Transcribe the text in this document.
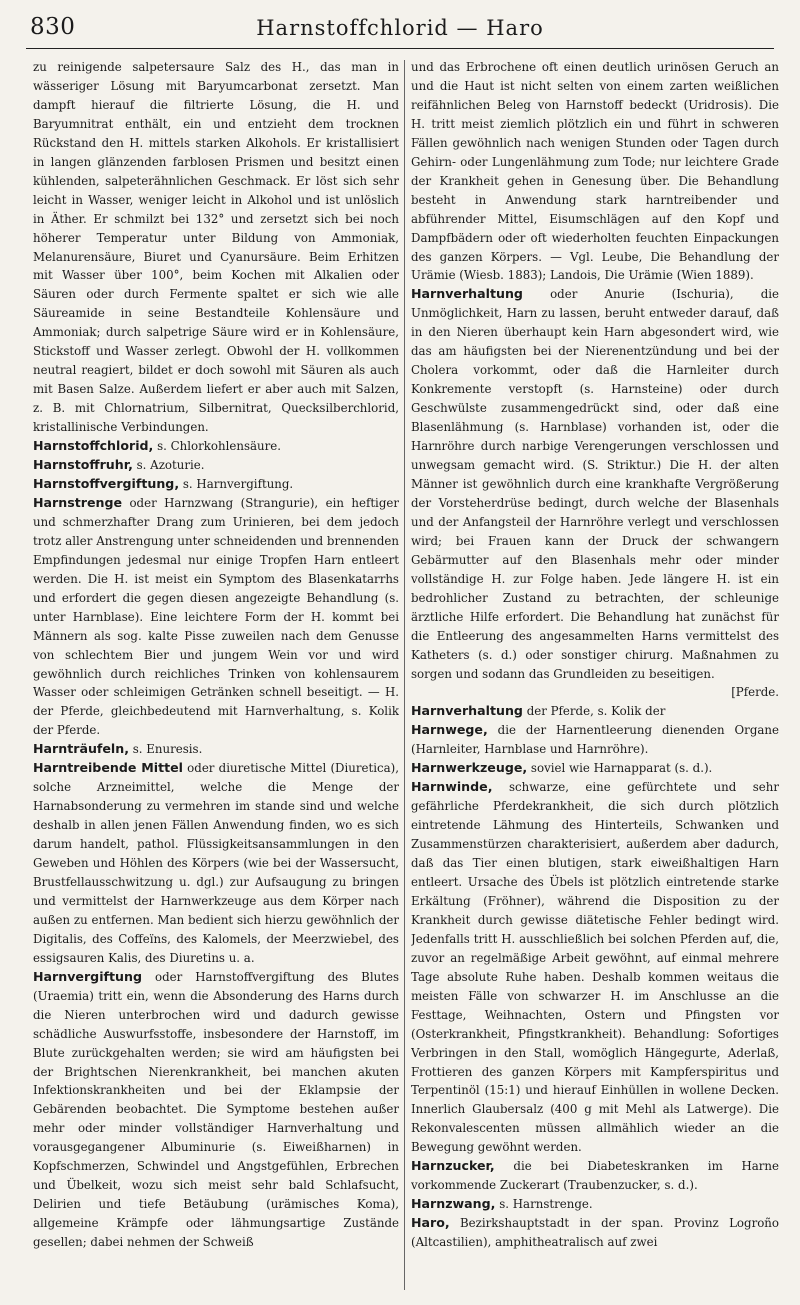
830	Harnstoffchlorid — Haro

zu reinigende salpetersaure Salz des H., das man in wässeriger Lösung mit Baryumcarbonat zersetzt. Man dampft hierauf die filtrierte Lösung, die H. und Baryumnitrat enthält, ein und entzieht dem trocknen Rückstand den H. mittels starken Alkohols. Er kristallisiert in langen glänzenden farblosen Prismen und besitzt einen kühlenden, salpeterähnlichen Geschmack. Er löst sich sehr leicht in Wasser, weniger leicht in Alkohol und ist unlöslich in Äther. Er schmilzt bei 132° und zersetzt sich bei noch höherer Temperatur unter Bildung von Ammoniak, Melanurensäure, Biuret und Cyanursäure. Beim Erhitzen mit Wasser über 100°, beim Kochen mit Alkalien oder Säuren oder durch Fermente spaltet er sich wie alle Säureamide in seine Bestandteile Kohlensäure und Ammoniak; durch salpetrige Säure wird er in Kohlensäure, Stickstoff und Wasser zerlegt. Obwohl der H. vollkommen neutral reagiert, bildet er doch sowohl mit Säuren als auch mit Basen Salze. Außerdem liefert er aber auch mit Salzen, z. B. mit Chlornatrium, Silbernitrat, Quecksilberchlorid, kristallinische Verbindungen.

Harnstoffchlorid, s. Chlorkohlensäure.

Harnstoffruhr, s. Azoturie.

Harnstoffvergiftung, s. Harnvergiftung.

Harnstrenge oder Harnzwang (Strangurie), ein heftiger und schmerzhafter Drang zum Urinieren, bei dem jedoch trotz aller Anstrengung unter schneidenden und brennenden Empfindungen jedesmal nur einige Tropfen Harn entleert werden. Die H. ist meist ein Symptom des Blasenkatarrhs und erfordert die gegen diesen angezeigte Behandlung (s. unter Harnblase). Eine leichtere Form der H. kommt bei Männern als sog. kalte Pisse zuweilen nach dem Genusse von schlechtem Bier und jungem Wein vor und wird gewöhnlich durch reichliches Trinken von kohlensaurem Wasser oder schleimigen Getränken schnell beseitigt. — H. der Pferde, gleichbedeutend mit Harnverhaltung, s. Kolik der Pferde.

Harnträufeln, s. Enuresis.

Harntreibende Mittel oder diuretische Mittel (Diuretica), solche Arzneimittel, welche die Menge der Harnabsonderung zu vermehren im stande sind und welche deshalb in allen jenen Fällen Anwendung finden, wo es sich darum handelt, pathol. Flüssigkeitsansammlungen in den Geweben und Höhlen des Körpers (wie bei der Wassersucht, Brustfellausschwitzung u. dgl.) zur Aufsaugung zu bringen und vermittelst der Harnwerkzeuge aus dem Körper nach außen zu entfernen. Man bedient sich hierzu gewöhnlich der Digitalis, des Coffeïns, des Kalomels, der Meerzwiebel, des essigsauren Kalis, des Diuretins u. a.

Harnvergiftung oder Harnstoffvergiftung des Blutes (Uraemia) tritt ein, wenn die Absonderung des Harns durch die Nieren unterbrochen wird und dadurch gewisse schädliche Auswurfsstoffe, insbesondere der Harnstoff, im Blute zurückgehalten werden; sie wird am häufigsten bei der Brightschen Nierenkrankheit, bei manchen akuten Infektionskrankheiten und bei der Eklampsie der Gebärenden beobachtet. Die Symptome bestehen außer mehr oder minder vollständiger Harnverhaltung und vorausgegangener Albuminurie (s. Eiweißharnen) in Kopfschmerzen, Schwindel und Angstgefühlen, Erbrechen und Übelkeit, wozu sich meist sehr bald Schlafsucht, Delirien und tiefe Betäubung (urämisches Koma), allgemeine Krämpfe oder lähmungsartige Zustände gesellen; dabei nehmen der Schweiß

und das Erbrochene oft einen deutlich urinösen Geruch an und die Haut ist nicht selten von einem zarten weißlichen reifähnlichen Beleg von Harnstoff bedeckt (Uridrosis). Die H. tritt meist ziemlich plötzlich ein und führt in schweren Fällen gewöhnlich nach wenigen Stunden oder Tagen durch Gehirn- oder Lungenlähmung zum Tode; nur leichtere Grade der Krankheit gehen in Genesung über. Die Behandlung besteht in Anwendung stark harntreibender und abführender Mittel, Eisumschlägen auf den Kopf und Dampfbädern oder oft wiederholten feuchten Einpackungen des ganzen Körpers. — Vgl. Leube, Die Behandlung der Urämie (Wiesb. 1883); Landois, Die Urämie (Wien 1889).

Harnverhaltung oder Anurie (Ischuria), die Unmöglichkeit, Harn zu lassen, beruht entweder darauf, daß in den Nieren überhaupt kein Harn abgesondert wird, wie das am häufigsten bei der Nierenentzündung und bei der Cholera vorkommt, oder daß die Harnleiter durch Konkremente verstopft (s. Harnsteine) oder durch Geschwülste zusammengedrückt sind, oder daß eine Blasenlähmung (s. Harnblase) vorhanden ist, oder die Harnröhre durch narbige Verengerungen verschlossen und unwegsam gemacht wird. (S. Striktur.) Die H. der alten Männer ist gewöhnlich durch eine krankhafte Vergrößerung der Vorsteherdrüse bedingt, durch welche der Blasenhals und der Anfangsteil der Harnröhre verlegt und verschlossen wird; bei Frauen kann der Druck der schwangern Gebärmutter auf den Blasenhals mehr oder minder vollständige H. zur Folge haben. Jede längere H. ist ein bedrohlicher Zustand zu betrachten, der schleunige ärztliche Hilfe erfordert. Die Behandlung hat zunächst für die Entleerung des angesammelten Harns vermittelst des Katheters (s. d.) oder sonstiger chirurg. Maßnahmen zu sorgen und sodann das Grundleiden zu beseitigen.
[Pferde.

Harnverhaltung der Pferde, s. Kolik der

Harnwege, die der Harnentleerung dienenden Organe (Harnleiter, Harnblase und Harnröhre).

Harnwerkzeuge, soviel wie Harnapparat (s. d.).

Harnwinde, schwarze, eine gefürchtete und sehr gefährliche Pferdekrankheit, die sich durch plötzlich eintretende Lähmung des Hinterteils, Schwanken und Zusammenstürzen charakterisiert, außerdem aber dadurch, daß das Tier einen blutigen, stark eiweißhaltigen Harn entleert. Ursache des Übels ist plötzlich eintretende starke Erkältung (Fröhner), während die Disposition zu der Krankheit durch gewisse diätetische Fehler bedingt wird. Jedenfalls tritt H. ausschließlich bei solchen Pferden auf, die, zuvor an regelmäßige Arbeit gewöhnt, auf einmal mehrere Tage absolute Ruhe haben. Deshalb kommen weitaus die meisten Fälle von schwarzer H. im Anschlusse an die Festtage, Weihnachten, Ostern und Pfingsten vor (Osterkrankheit, Pfingstkrankheit). Behandlung: Sofortiges Verbringen in den Stall, womöglich Hängegurte, Aderlaß, Frottieren des ganzen Körpers mit Kampferspiritus und Terpentinöl (15:1) und hierauf Einhüllen in wollene Decken. Innerlich Glaubersalz (400 g mit Mehl als Latwerge). Die Rekonvalescenten müssen allmählich wieder an die Bewegung gewöhnt werden.

Harnzucker, die bei Diabeteskranken im Harne vorkommende Zuckerart (Traubenzucker, s. d.).

Harnzwang, s. Harnstrenge.

Haro, Bezirkshauptstadt in der span. Provinz Logroño (Altcastilien), amphitheatralisch auf zwei
